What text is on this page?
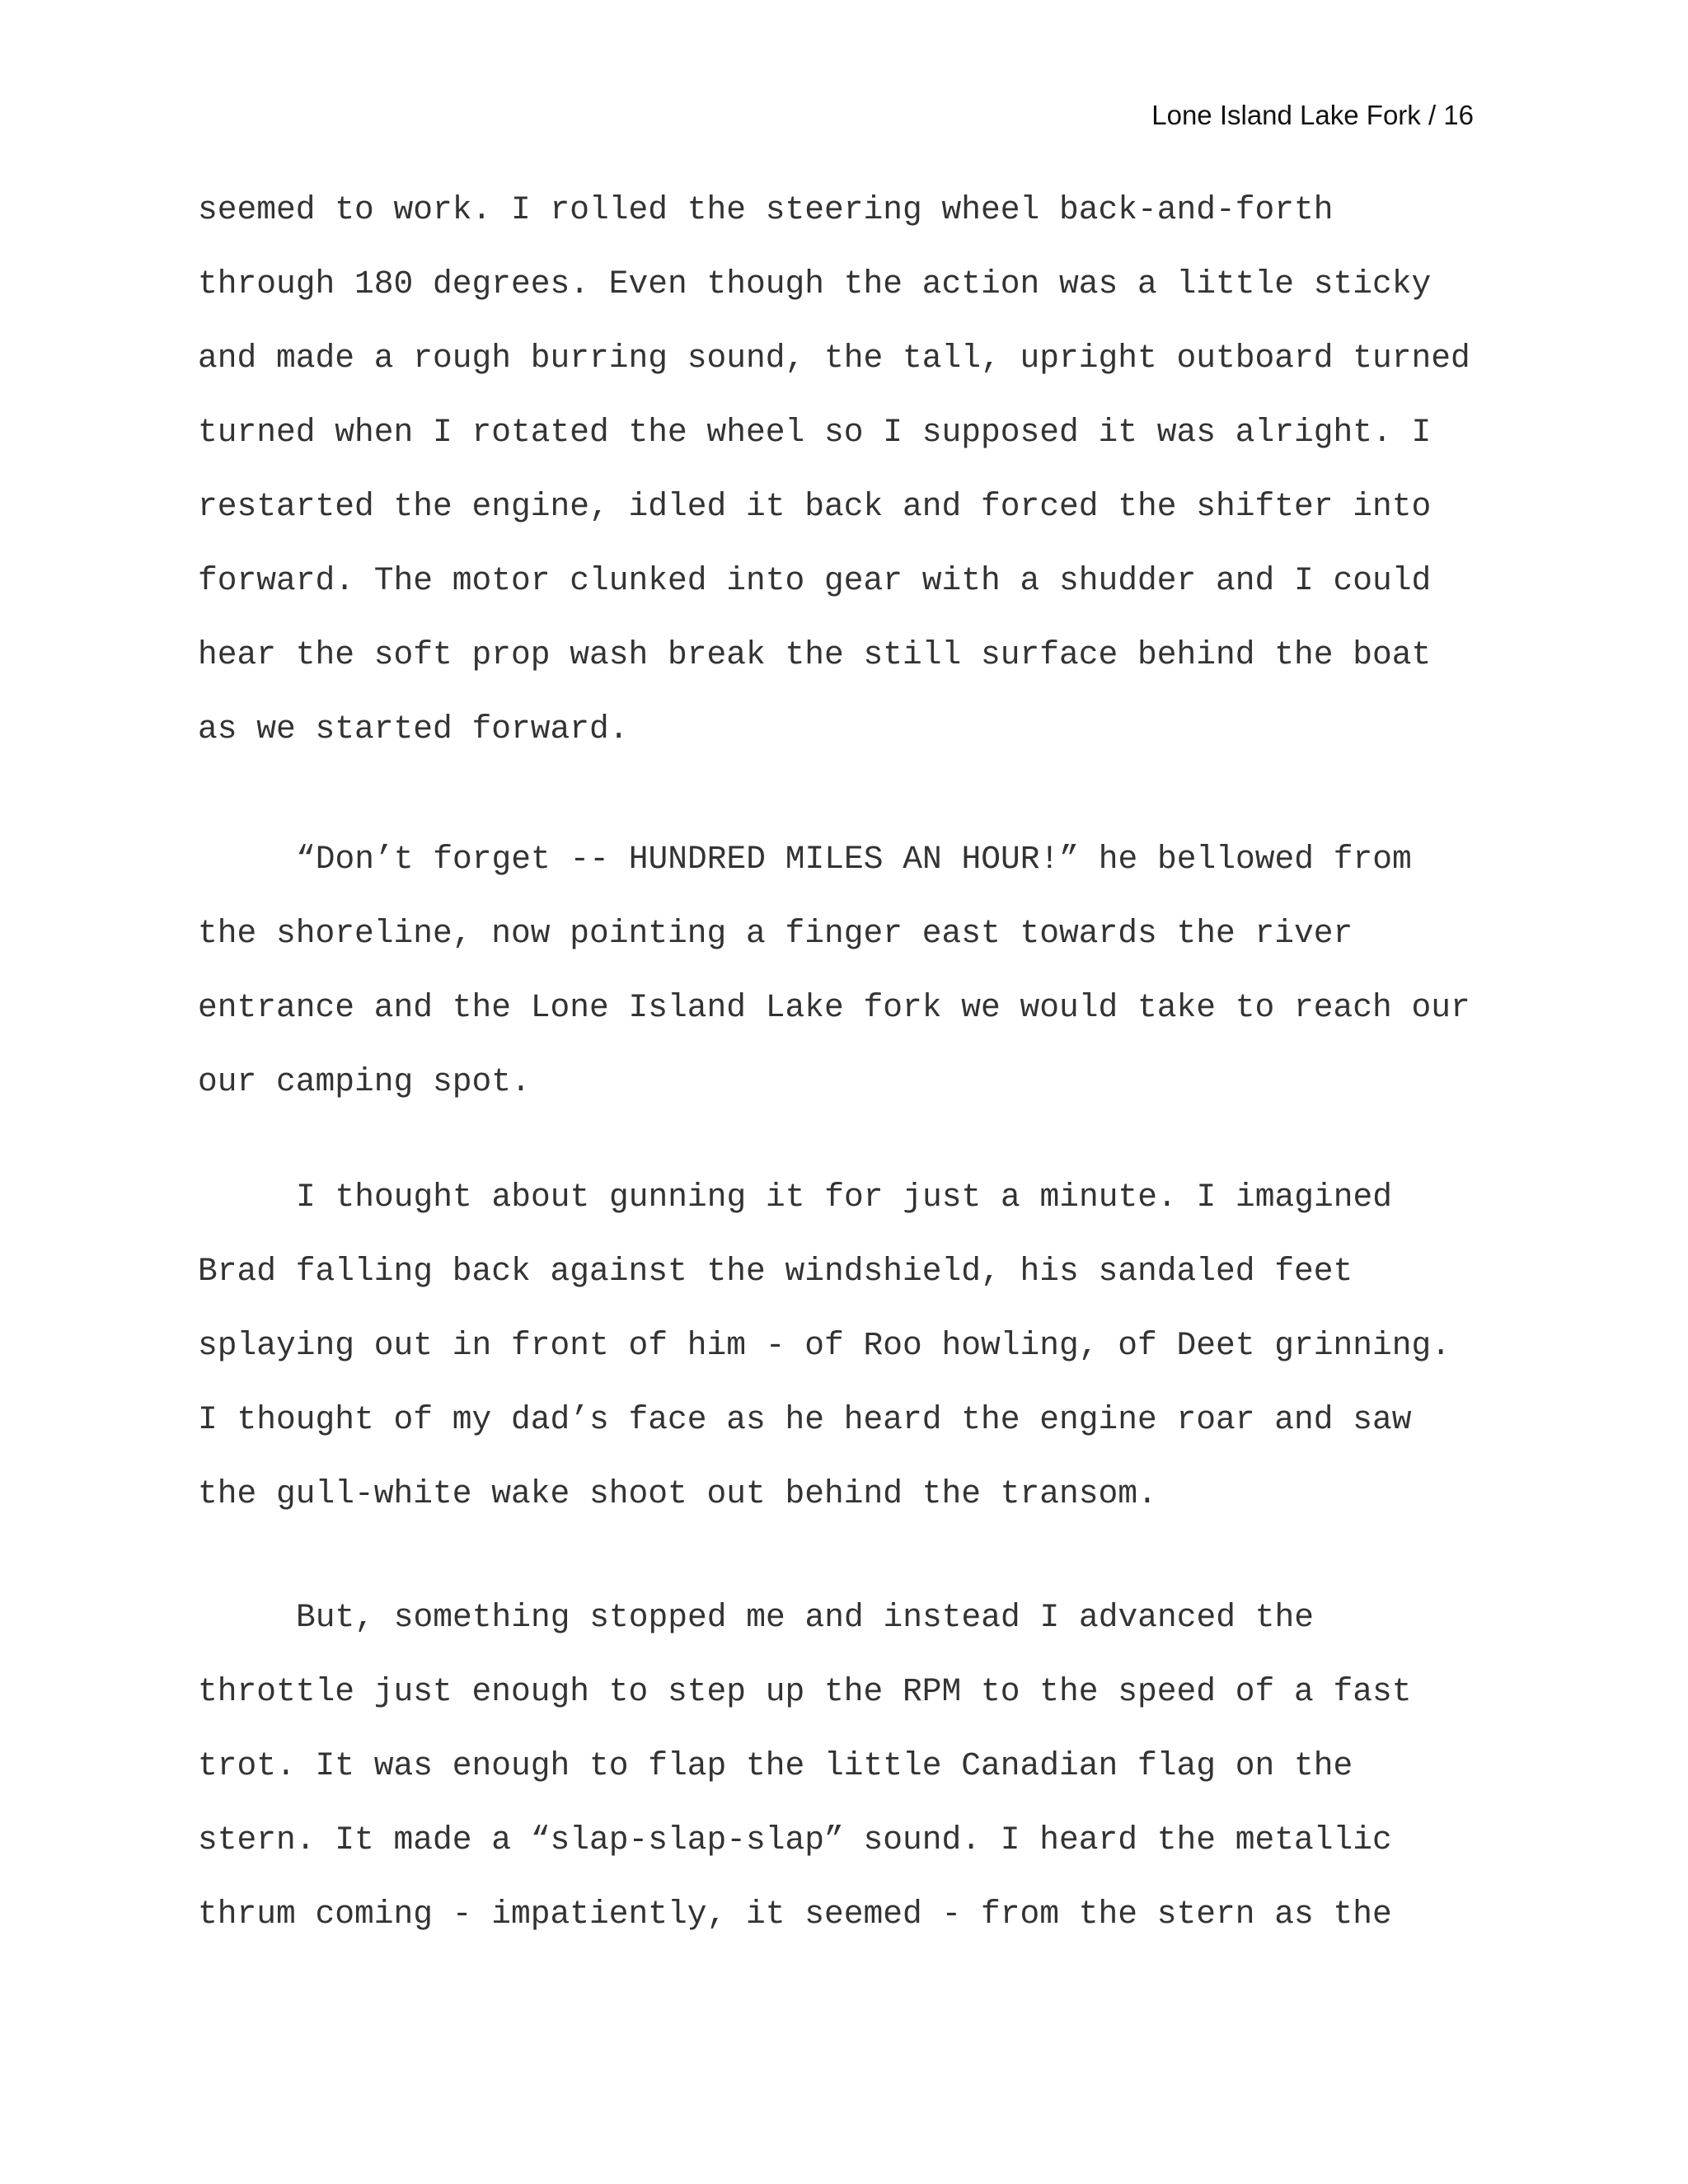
Lone Island Lake Fork / 16
seemed to work. I rolled the steering wheel back-and-forth
through 180 degrees. Even though the action was a little sticky
and made a rough burring sound, the tall, upright outboard turned
turned when I rotated the wheel so I supposed it was alright. I
restarted the engine, idled it back and forced the shifter into
forward. The motor clunked into gear with a shudder and I could
hear the soft prop wash break the still surface behind the boat
as we started forward.
“Don’t forget -- HUNDRED MILES AN HOUR!” he bellowed from
the shoreline, now pointing a finger east towards the river
entrance and the Lone Island Lake fork we would take to reach our
our camping spot.
I thought about gunning it for just a minute. I imagined
Brad falling back against the windshield, his sandaled feet
splaying out in front of him - of Roo howling, of Deet grinning.
I thought of my dad’s face as he heard the engine roar and saw
the gull-white wake shoot out behind the transom.
But, something stopped me and instead I advanced the
throttle just enough to step up the RPM to the speed of a fast
trot. It was enough to flap the little Canadian flag on the
stern. It made a “slap-slap-slap” sound. I heard the metallic
thrum coming - impatiently, it seemed - from the stern as the
